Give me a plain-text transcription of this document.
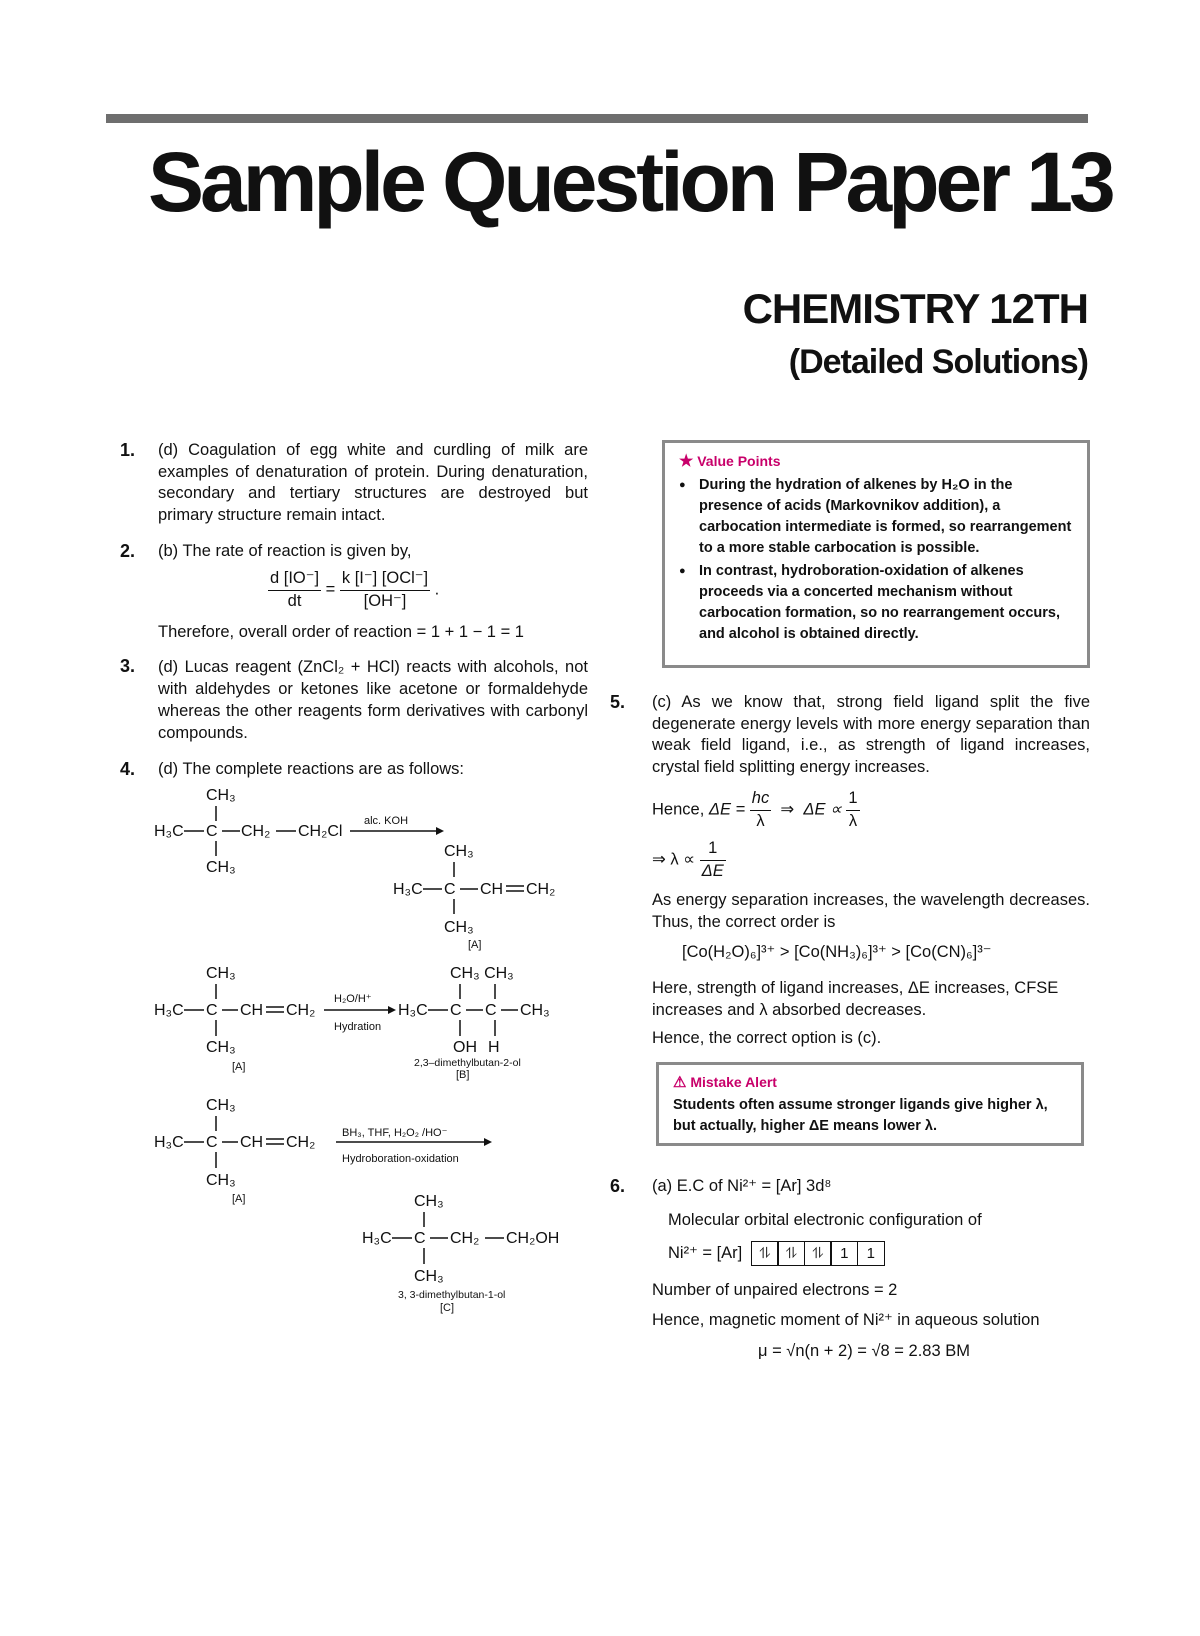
Sample Question Paper 13
CHEMISTRY 12TH
(Detailed Solutions)
1. (d) Coagulation of egg white and curdling of milk are examples of denaturation of protein. During denaturation, secondary and tertiary structures are destroyed but primary structure remain intact.
2. (b) The rate of reaction is given by,
$\frac{d [IO^-]}{dt} = \frac{\text{k [I⁻] [OCl⁻]}}{[OH^-]}$ .
Therefore, overall order of reaction = 1 + 1 − 1 = 1
3. (d) Lucas reagent (ZnCl₂ + HCl) reacts with alcohols, not with aldehydes or ketones like acetone or formaldehyde whereas the other reagents form derivatives with carbonyl compounds.
4. (d) The complete reactions are as follows:
CH₃
H₃C C CH₂ CH₂Cl
CH₃
alc. KOH
CH₃
H₃C C CH CH₂
CH₃
[A]
CH₃
H₃C C CH CH₂
CH₃
[A]
H₂O/H⁺
Hydration
CH₃ CH₃
H₃C C C CH₃
OH H
2,3–dimethylbutan-2-ol
[B]
CH₃
H₃C C CH CH₂
CH₃
[A]
BH₃, THF, H₂O₂ /HO⁻
Hydroboration-oxidation
CH₃
H₃C C CH₂ CH₂OH
CH₃
3, 3-dimethylbutan-1-ol
[C]
★ Value Points
● During the hydration of alkenes by H₂O in the presence of acids (Markovnikov addition), a carbocation intermediate is formed, so rearrangement to a more stable carbocation is possible.
● In contrast, hydroboration-oxidation of alkenes proceeds via a concerted mechanism without carbocation formation, so no rearrangement occurs, and alcohol is obtained directly.
5. (c) As we know that, strong field ligand split the five degenerate energy levels with more energy separation than weak field ligand, i.e., as strength of ligand increases, crystal field splitting energy increases.
Hence, $\Delta E = \frac{hc}{\lambda}$ ⇒ $\Delta E \propto \frac{1}{\lambda}$
⇒ $\lambda \propto \frac{1}{\Delta E}$
As energy separation increases, the wavelength decreases. Thus, the correct order is
[Co(H₂O)₆]³⁺ > [Co(NH₃)₆]³⁺ > [Co(CN)₆]³⁻
Here, strength of ligand increases, ΔE increases, CFSE increases and λ absorbed decreases.
Hence, the correct option is (c).
⚠ Mistake Alert
Students often assume stronger ligands give higher λ, but actually, higher ΔE means lower λ.
6. (a) E.C of Ni²⁺ = [Ar] 3d⁸
Molecular orbital electronic configuration of
Ni²⁺ = [Ar]	⥮	⥮	⥮	1	1
Number of unpaired electrons = 2
Hence, magnetic moment of Ni²⁺ in aqueous solution
μ = √n(n + 2) = √8 = 2.83 BM
